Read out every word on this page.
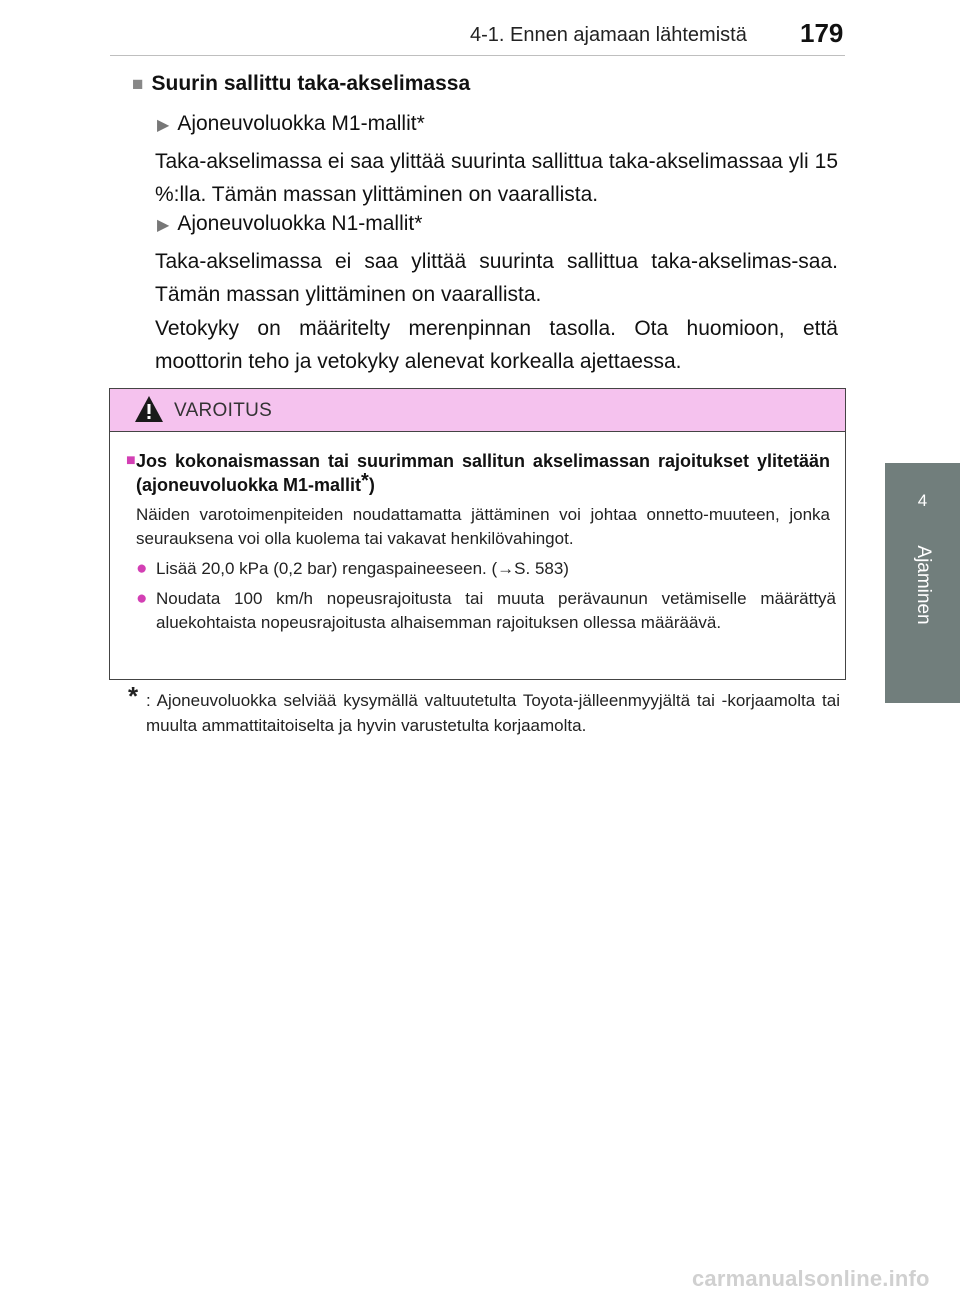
4-1. Ennen ajamaan lähtemistä 179
4
Ajaminen
■ Suurin sallittu taka-akselimassa
▶ Ajoneuvoluokka M1-mallit*

Taka-akselimassa ei saa ylittää suurinta sallittua taka-akselimassaa yli 15 %:lla. Tämän massan ylittäminen on vaarallista.

▶ Ajoneuvoluokka N1-mallit*

Taka-akselimassa ei saa ylittää suurinta sallittua taka-akselimas-saa. Tämän massan ylittäminen on vaarallista.

Vetokyky on määritelty merenpinnan tasolla. Ota huomioon, että moottorin teho ja vetokyky alenevat korkealla ajettaessa.

VAROITUS
■ Jos kokonaismassan tai suurimman sallitun akselimassan rajoitukset ylitetään (ajoneuvoluokka M1-mallit*)

Näiden varotoimenpiteiden noudattamatta jättäminen voi johtaa onnetto-muuteen, jonka seurauksena voi olla kuolema tai vakavat henkilövahingot.

● Lisää 20,0 kPa (0,2 bar) rengaspaineeseen. (→S. 583)
● Noudata 100 km/h nopeusrajoitusta tai muuta perävaunun vetämiselle määrättyä aluekohtaista nopeusrajoitusta alhaisemman rajoituksen ollessa määräävä.
* : Ajoneuvoluokka selviää kysymällä valtuutetulta Toyota-jälleenmyyjältä tai -korjaamolta tai muulta ammattitaitoiselta ja hyvin varustetulta korjaamolta.
carmanualsonline.info
